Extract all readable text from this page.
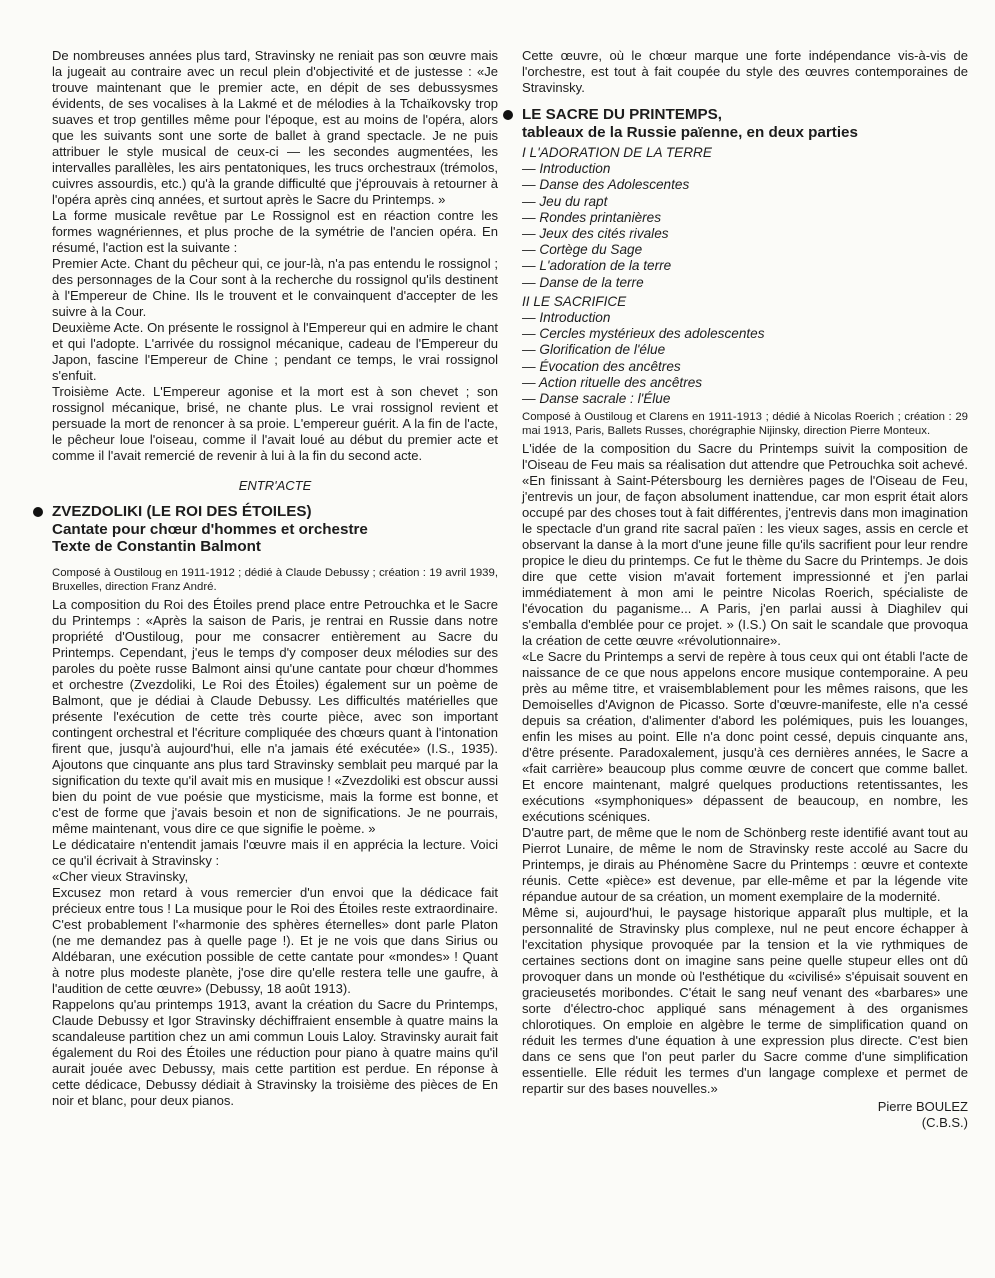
De nombreuses années plus tard, Stravinsky ne reniait pas son œuvre mais la jugeait au contraire avec un recul plein d'objectivité et de justesse : «Je trouve maintenant que le premier acte, en dépit de ses debussysmes évidents, de ses vocalises à la Lakmé et de mélodies à la Tchaïkovsky trop suaves et trop gentilles même pour l'époque, est au moins de l'opéra, alors que les suivants sont une sorte de ballet à grand spectacle. Je ne puis attribuer le style musical de ceux-ci — les secondes augmentées, les intervalles parallèles, les airs pentatoniques, les trucs orchestraux (trémolos, cuivres assourdis, etc.) qu'à la grande difficulté que j'éprouvais à retourner à l'opéra après cinq années, et surtout après le Sacre du Printemps. »

La forme musicale revêtue par Le Rossignol est en réaction contre les formes wagnériennes, et plus proche de la symétrie de l'ancien opéra. En résumé, l'action est la suivante :

Premier Acte. Chant du pêcheur qui, ce jour-là, n'a pas entendu le rossignol ; des personnages de la Cour sont à la recherche du rossignol qu'ils destinent à l'Empereur de Chine. Ils le trouvent et le convainquent d'accepter de les suivre à la Cour.

Deuxième Acte. On présente le rossignol à l'Empereur qui en admire le chant et qui l'adopte. L'arrivée du rossignol mécanique, cadeau de l'Empereur du Japon, fascine l'Empereur de Chine ; pendant ce temps, le vrai rossignol s'enfuit.

Troisième Acte. L'Empereur agonise et la mort est à son chevet ; son rossignol mécanique, brisé, ne chante plus. Le vrai rossignol revient et persuade la mort de renoncer à sa proie. L'empereur guérit. A la fin de l'acte, le pêcheur loue l'oiseau, comme il l'avait loué au début du premier acte et comme il l'avait remercié de revenir à lui à la fin du second acte.

ENTR'ACTE
ZVEZDOLIKI (LE ROI DES ÉTOILES)
Cantate pour chœur d'hommes et orchestre
Texte de Constantin Balmont

Composé à Oustiloug en 1911-1912 ; dédié à Claude Debussy ; création : 19 avril 1939, Bruxelles, direction Franz André.

La composition du Roi des Étoiles prend place entre Petrouchka et le Sacre du Printemps : «Après la saison de Paris, je rentrai en Russie dans notre propriété d'Oustiloug, pour me consacrer entièrement au Sacre du Printemps. Cependant, j'eus le temps d'y composer deux mélodies sur des paroles du poète russe Balmont ainsi qu'une cantate pour chœur d'hommes et orchestre (Zvezdoliki, Le Roi des Étoiles) également sur un poème de Balmont, que je dédiai à Claude Debussy. Les difficultés matérielles que présente l'exécution de cette très courte pièce, avec son important contingent orchestral et l'écriture compliquée des chœurs quant à l'intonation firent que, jusqu'à aujourd'hui, elle n'a jamais été exécutée» (I.S., 1935). Ajoutons que cinquante ans plus tard Stravinsky semblait peu marqué par la signification du texte qu'il avait mis en musique ! «Zvezdoliki est obscur aussi bien du point de vue poésie que mysticisme, mais la forme est bonne, et c'est de forme que j'avais besoin et non de significations. Je ne pourrais, même maintenant, vous dire ce que signifie le poème. »

Le dédicataire n'entendit jamais l'œuvre mais il en apprécia la lecture. Voici ce qu'il écrivait à Stravinsky :

«Cher vieux Stravinsky,

Excusez mon retard à vous remercier d'un envoi que la dédicace fait précieux entre tous ! La musique pour le Roi des Étoiles reste extraordinaire. C'est probablement l'«harmonie des sphères éternelles» dont parle Platon (ne me demandez pas à quelle page !). Et je ne vois que dans Sirius ou Aldébaran, une exécution possible de cette cantate pour «mondes» ! Quant à notre plus modeste planète, j'ose dire qu'elle restera telle une gaufre, à l'audition de cette œuvre» (Debussy, 18 août 1913).

Rappelons qu'au printemps 1913, avant la création du Sacre du Printemps, Claude Debussy et Igor Stravinsky déchiffraient ensemble à quatre mains la scandaleuse partition chez un ami commun Louis Laloy. Stravinsky aurait fait également du Roi des Étoiles une réduction pour piano à quatre mains qu'il aurait jouée avec Debussy, mais cette partition est perdue. En réponse à cette dédicace, Debussy dédiait à Stravinsky la troisième des pièces de En noir et blanc, pour deux pianos.

Cette œuvre, où le chœur marque une forte indépendance vis-à-vis de l'orchestre, est tout à fait coupée du style des œuvres contemporaines de Stravinsky.

LE SACRE DU PRINTEMPS,
tableaux de la Russie païenne, en deux parties
I L'ADORATION DE LA TERRE
— Introduction
— Danse des Adolescentes
— Jeu du rapt
— Rondes printanières
— Jeux des cités rivales
— Cortège du Sage
— L'adoration de la terre
— Danse de la terre
II LE SACRIFICE
— Introduction
— Cercles mystérieux des adolescentes
— Glorification de l'élue
— Évocation des ancêtres
— Action rituelle des ancêtres
— Danse sacrale : l'Élue

Composé à Oustiloug et Clarens en 1911-1913 ; dédié à Nicolas Roerich ; création : 29 mai 1913, Paris, Ballets Russes, chorégraphie Nijinsky, direction Pierre Monteux.

L'idée de la composition du Sacre du Printemps suivit la composition de l'Oiseau de Feu mais sa réalisation dut attendre que Petrouchka soit achevé. «En finissant à Saint-Pétersbourg les dernières pages de l'Oiseau de Feu, j'entrevis un jour, de façon absolument inattendue, car mon esprit était alors occupé par des choses tout à fait différentes, j'entrevis dans mon imagination le spectacle d'un grand rite sacral païen : les vieux sages, assis en cercle et observant la danse à la mort d'une jeune fille qu'ils sacrifient pour leur rendre propice le dieu du printemps. Ce fut le thème du Sacre du Printemps. Je dois dire que cette vision m'avait fortement impressionné et j'en parlai immédiatement à mon ami le peintre Nicolas Roerich, spécialiste de l'évocation du paganisme... A Paris, j'en parlai aussi à Diaghilev qui s'emballa d'emblée pour ce projet. » (I.S.) On sait le scandale que provoqua la création de cette œuvre «révolutionnaire».

«Le Sacre du Printemps a servi de repère à tous ceux qui ont établi l'acte de naissance de ce que nous appelons encore musique contemporaine. A peu près au même titre, et vraisemblablement pour les mêmes raisons, que les Demoiselles d'Avignon de Picasso. Sorte d'œuvre-manifeste, elle n'a cessé depuis sa création, d'alimenter d'abord les polémiques, puis les louanges, enfin les mises au point. Elle n'a donc point cessé, depuis cinquante ans, d'être présente. Paradoxalement, jusqu'à ces dernières années, le Sacre a «fait carrière» beaucoup plus comme œuvre de concert que comme ballet. Et encore maintenant, malgré quelques productions retentissantes, les exécutions «symphoniques» dépassent de beaucoup, en nombre, les exécutions scéniques.

D'autre part, de même que le nom de Schönberg reste identifié avant tout au Pierrot Lunaire, de même le nom de Stravinsky reste accolé au Sacre du Printemps, je dirais au Phénomène Sacre du Printemps : œuvre et contexte réunis. Cette «pièce» est devenue, par elle-même et par la légende vite répandue autour de sa création, un moment exemplaire de la modernité.

Même si, aujourd'hui, le paysage historique apparaît plus multiple, et la personnalité de Stravinsky plus complexe, nul ne peut encore échapper à l'excitation physique provoquée par la tension et la vie rythmiques de certaines sections dont on imagine sans peine quelle stupeur elles ont dû provoquer dans un monde où l'esthétique du «civilisé» s'épuisait souvent en gracieusetés moribondes. C'était le sang neuf venant des «barbares» une sorte d'électro-choc appliqué sans ménagement à des organismes chlorotiques. On emploie en algèbre le terme de simplification quand on réduit les termes d'une équation à une expression plus directe. C'est bien dans ce sens que l'on peut parler du Sacre comme d'une simplification essentielle. Elle réduit les termes d'un langage complexe et permet de repartir sur des bases nouvelles.»

Pierre BOULEZ
(C.B.S.)
